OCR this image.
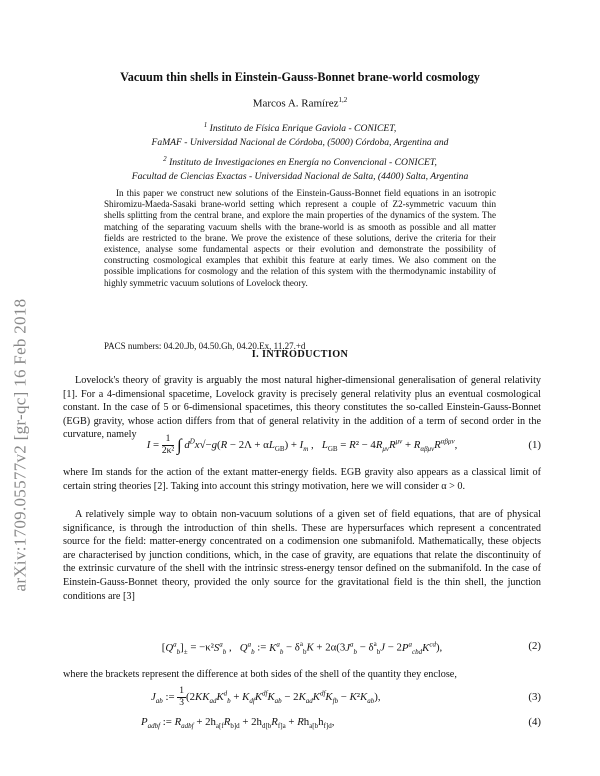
arXiv:1709.05577v2 [gr-qc] 16 Feb 2018
Vacuum thin shells in Einstein-Gauss-Bonnet brane-world cosmology
Marcos A. Ramírez$^{1,2}$
$^1$ Instituto de Física Enrique Gaviola - CONICET,
FaMAF - Universidad Nacional de Córdoba, (5000) Córdoba, Argentina and
$^2$ Instituto de Investigaciones en Energía no Convencional - CONICET,
Facultad de Ciencias Exactas - Universidad Nacional de Salta, (4400) Salta, Argentina

In this paper we construct new solutions of the Einstein-Gauss-Bonnet field equations in an isotropic Shiromizu-Maeda-Sasaki brane-world setting which represent a couple of Z2-symmetric vacuum thin shells splitting from the central brane, and explore the main properties of the dynamics of the system. The matching of the separating vacuum shells with the brane-world is as smooth as possible and all matter fields are restricted to the brane. We prove the existence of these solutions, derive the criteria for their existence, analyse some fundamental aspects or their evolution and demonstrate the possibility of constructing cosmological examples that exhibit this feature at early times. We also comment on the possible implications for cosmology and the relation of this system with the thermodynamic instability of highly symmetric vacuum solutions of Lovelock theory.

PACS numbers: 04.20.Jb, 04.50.Gh, 04.20.Ex, 11.27.+d
I. INTRODUCTION

Lovelock's theory of gravity is arguably the most natural higher-dimensional generalisation of general relativity [1]. For a 4-dimensional spacetime, Lovelock gravity is precisely general relativity plus an eventual cosmological constant. In the case of 5 or 6-dimensional spacetimes, this theory constitutes the so-called Einstein-Gauss-Bonnet (EGB) gravity, whose action differs from that of general relativity in the addition of a term of second order in the curvature, namely

$I = \frac{1}{\text{2κ²}}$ ∫ $d^Dx√-g(R - 2\Lambda + \alpha L_{GB}) + I_m$ ,   $L_{GB} = R^2 - 4R_{\mu\nu}R^{\mu\nu} + R_{\alpha\beta\mu\nu}R^{\alpha\beta\mu\nu}$,	(1)

where Im stands for the action of the extant matter-energy fields. EGB gravity also appears as a classical limit of certain string theories [2]. Taking into account this stringy motivation, here we will consider α > 0.

A relatively simple way to obtain non-vacuum solutions of a given set of field equations, that are of physical significance, is through the introduction of thin shells. These are hypersurfaces which represent a concentrated source for the field: matter-energy concentrated on a codimension one submanifold. Mathematically, these objects are characterised by junction conditions, which, in the case of gravity, are equations that relate the discontinuity of the extrinsic curvature of the shell with the intrinsic stress-energy tensor defined on the submanifold. In the case of Einstein-Gauss-Bonnet theory, provided the only source for the gravitational field is the thin shell, the junction conditions are [3]

$[Q^a_b]_\pm = -\kappa^2S^a_b$ ,   $Q^a_b$ := $K^a_b - \delta^a_bK + 2\alpha(3J^a_b - \delta^a_bJ - 2P^a_{cbd}K^{cd})$,	(2)

where the brackets represent the difference at both sides of the shell of the quantity they enclose,

$J_{ab}$ := $\frac{1}{3} (2KK_{ad}K^d_b + K_{df}K^{df}K_{ab} - 2K_{ad}K^{df}K_{fb} - K^2K_{ab})$,	(3)
$P_{adbf}$ := $R_{adbf} + 2h_{a[f}R_{b]d} + 2h_{d[b}R_{f]a} + Rh_{a[b}h_{f]d}$,	(4)
